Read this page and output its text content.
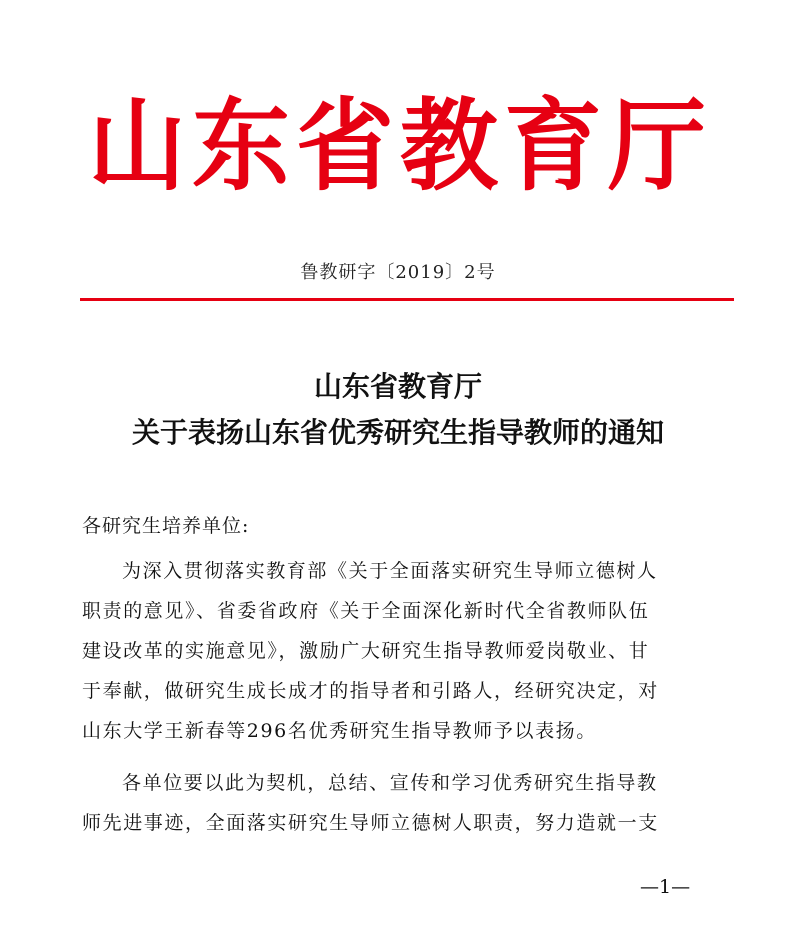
山东省教育厅
鲁教研字〔2019〕2号
山东省教育厅
关于表扬山东省优秀研究生指导教师的通知
各研究生培养单位:
为深入贯彻落实教育部《关于全面落实研究生导师立德树人
职责的意见》、省委省政府《关于全面深化新时代全省教师队伍
建设改革的实施意见》，激励广大研究生指导教师爱岗敬业、甘
于奉献，做研究生成长成才的指导者和引路人，经研究决定，对
山东大学王新春等296名优秀研究生指导教师予以表扬。
各单位要以此为契机，总结、宣传和学习优秀研究生指导教
师先进事迹，全面落实研究生导师立德树人职责，努力造就一支
—1—
